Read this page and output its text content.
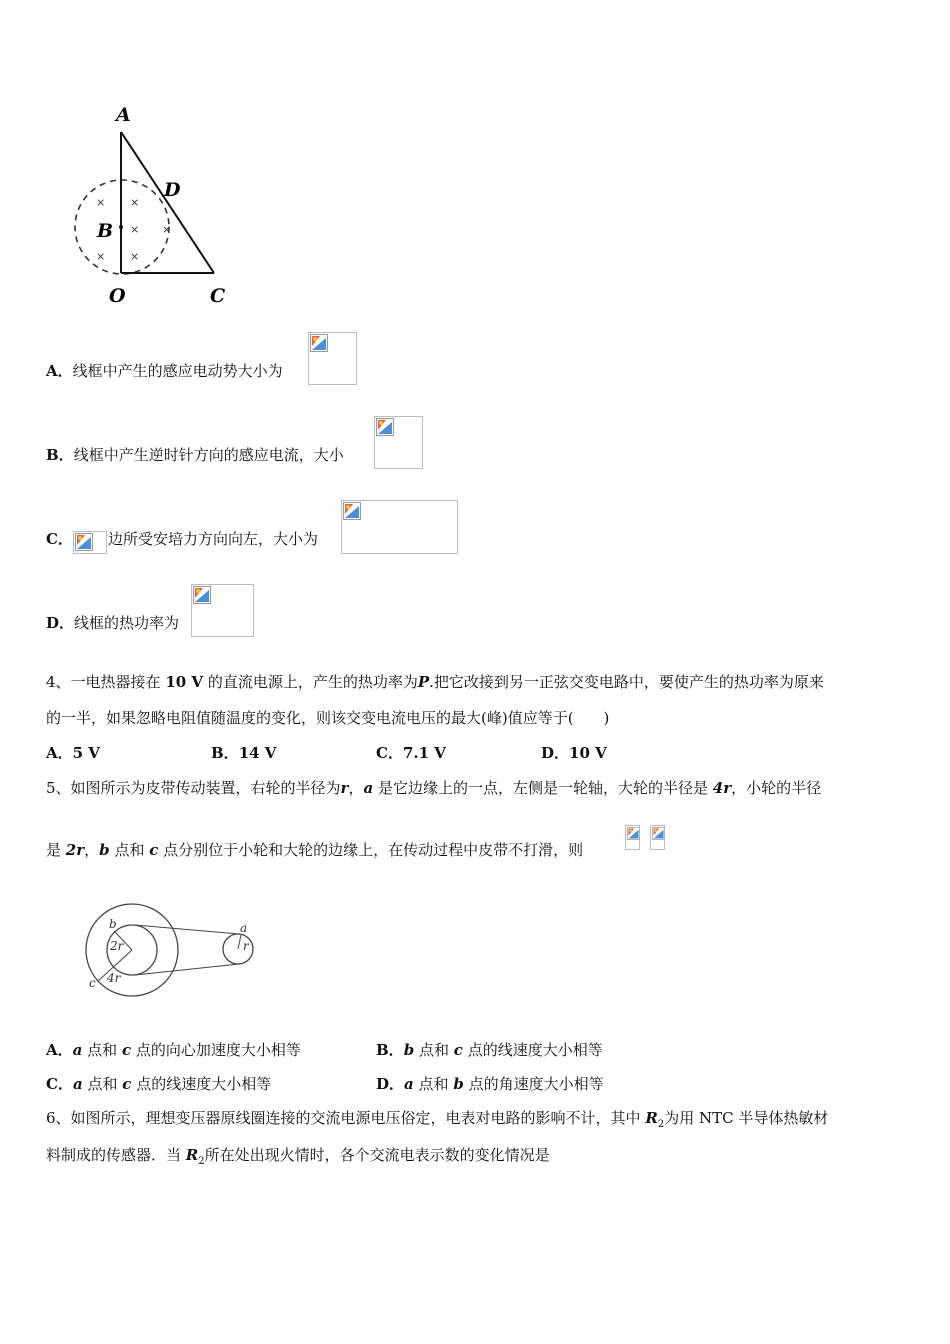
× ×
× ×
× ×
A
D
B
O	C
A．线框中产生的感应电动势大小为
B．线框中产生逆时针方向的感应电流，大小
C． 边所受安培力方向向左，大小为
D．线框的热功率为
4、一电热器接在 10 V 的直流电源上，产生的热功率为P.把它改接到另一正弦交变电路中，要使产生的热功率为原来
的一半，如果忽略电阻值随温度的变化，则该交变电流电压的最大(峰)值应等于(　　)
A．5 V	B．14 V	C．7.1 V	D．10 V
5、如图所示为皮带传动装置，右轮的半径为r，a 是它边缘上的一点，左侧是一轮轴，大轮的半径是 4r，小轮的半径
是 2r，b 点和 c 点分别位于小轮和大轮的边缘上，在传动过程中皮带不打滑，则
b
2r
4r
c
a
r
A．a 点和 c 点的向心加速度大小相等	B．b 点和 c 点的线速度大小相等
C．a 点和 c 点的线速度大小相等	D．a 点和 b 点的角速度大小相等
6、如图所示，理想变压器原线圈连接的交流电源电压俗定，电表对电路的影响不计，其中 $R_2$为用 NTC 半导体热敏材
料制成的传感器．当 $R_2$所在处出现火情时，各个交流电表示数的变化情况是
